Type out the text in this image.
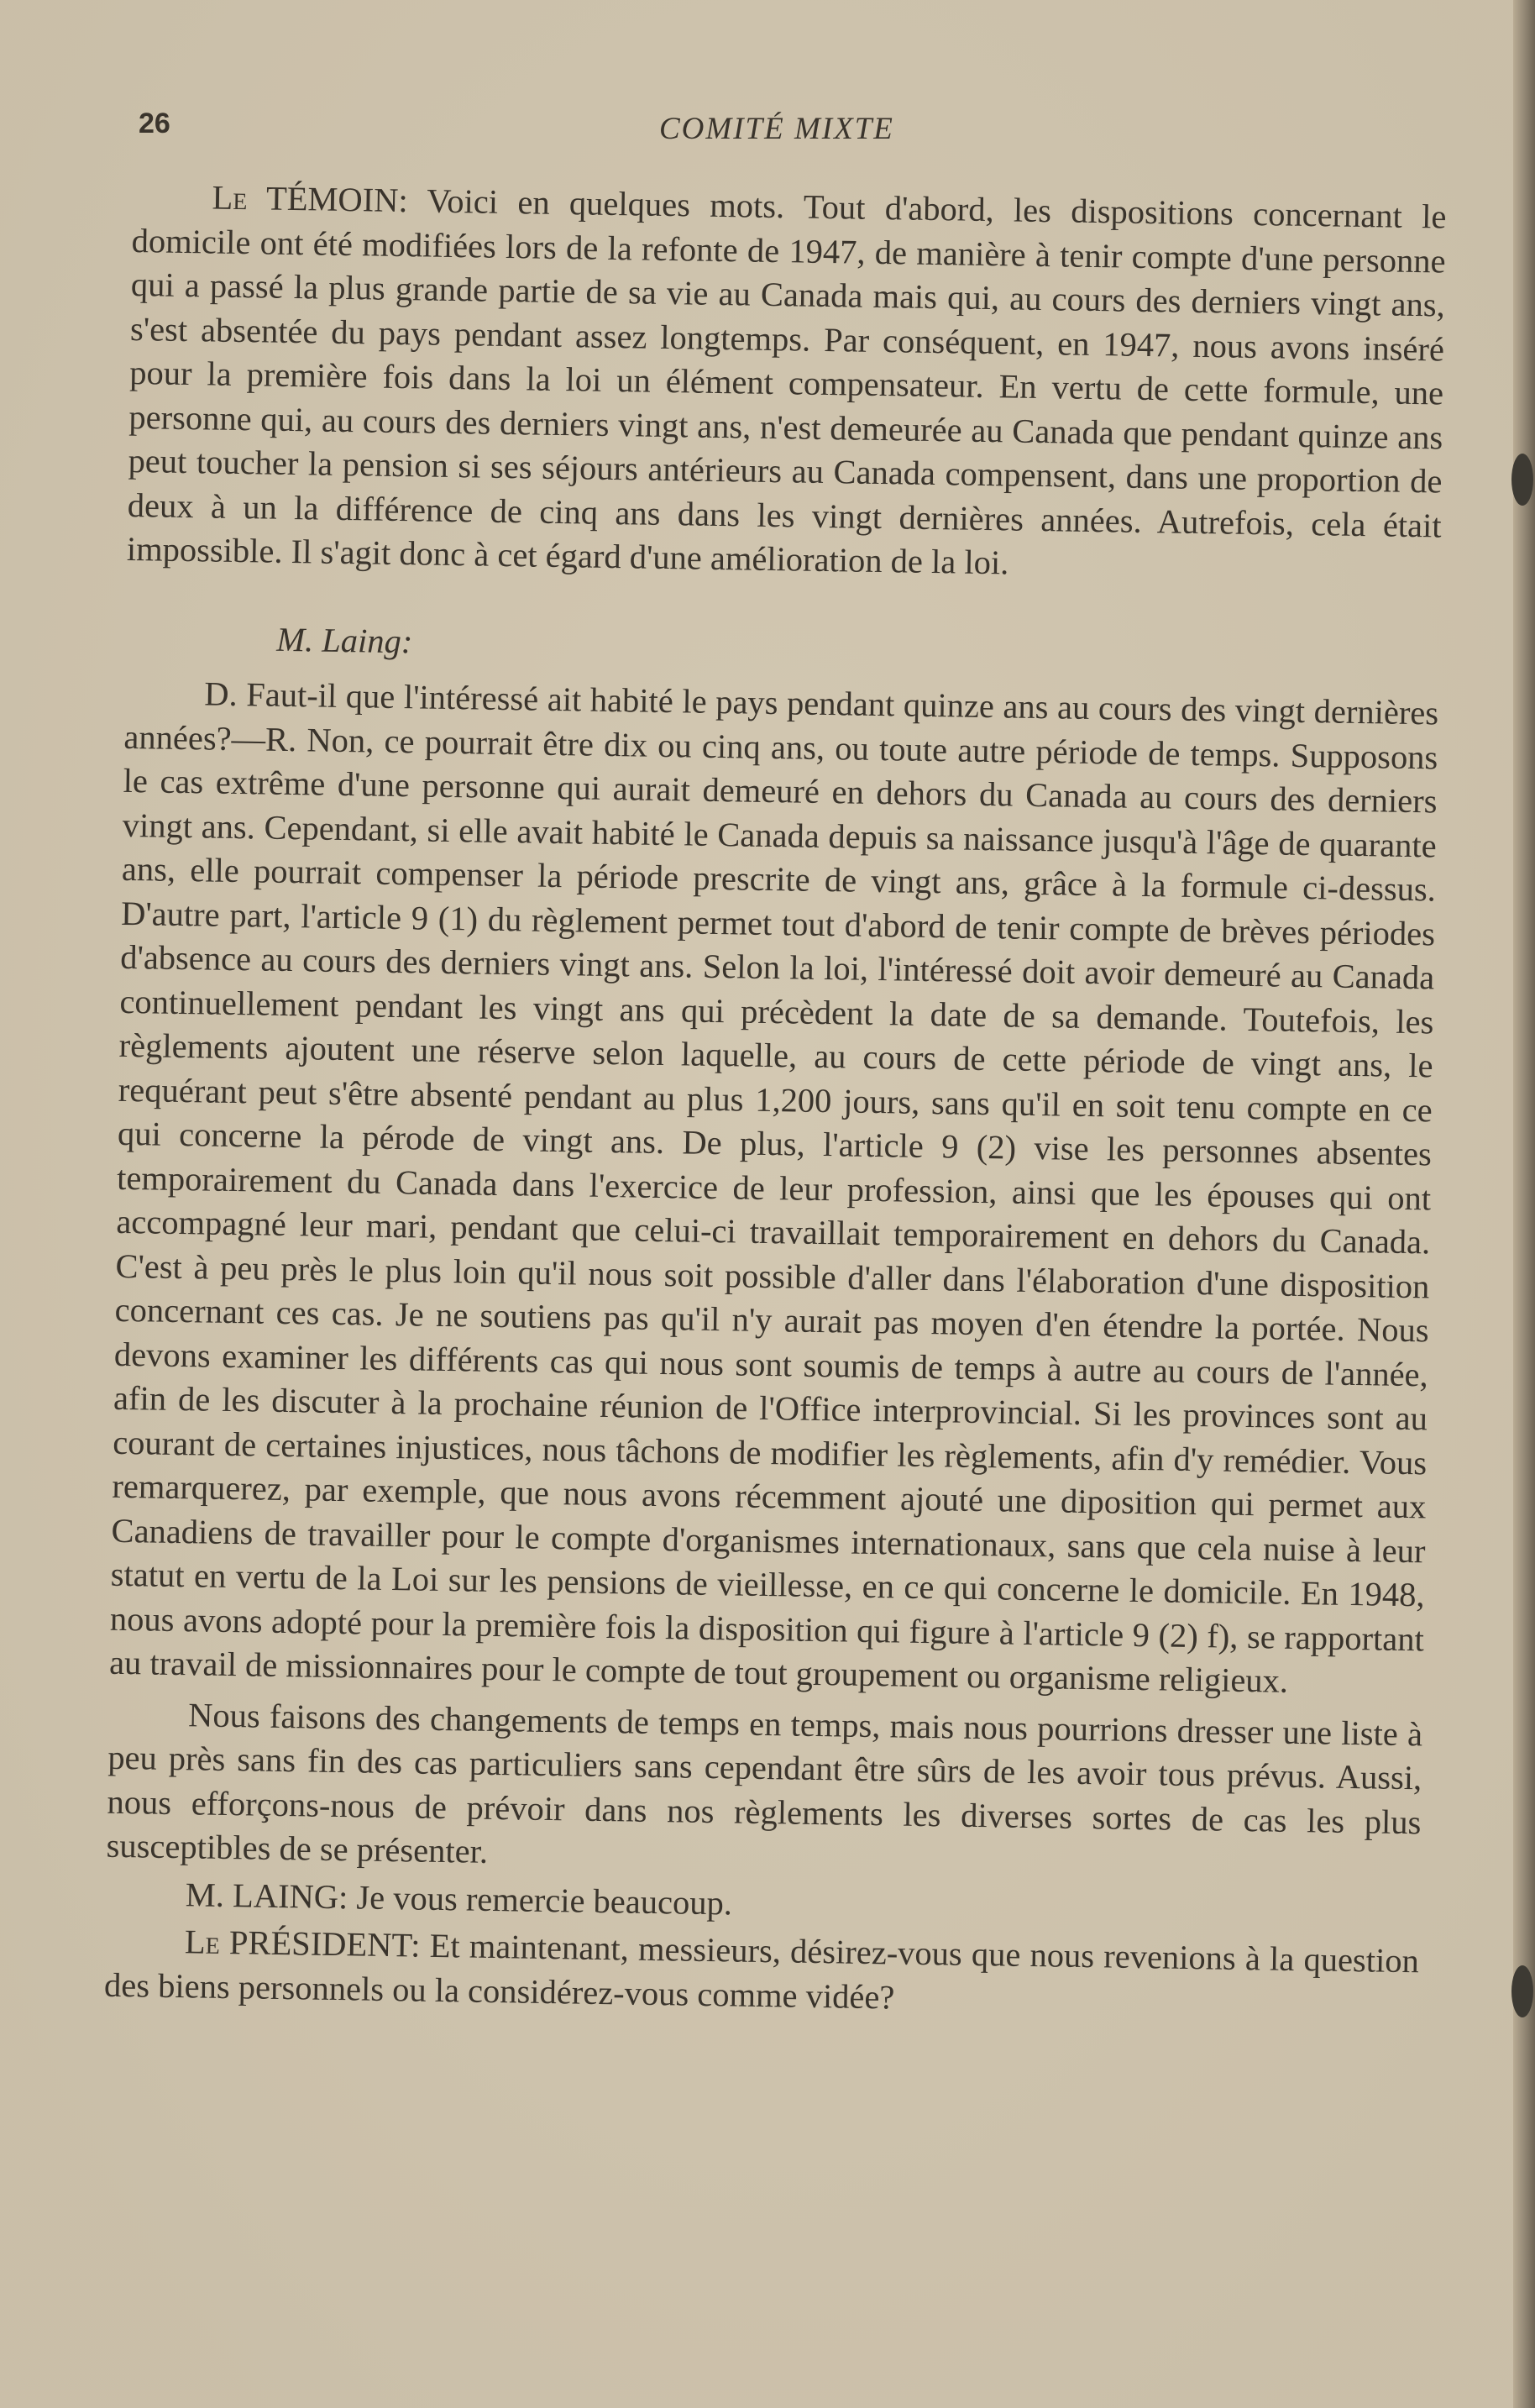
26	COMITÉ MIXTE

Le TÉMOIN: Voici en quelques mots. Tout d'abord, les dispositions concernant le domicile ont été modifiées lors de la refonte de 1947, de manière à tenir compte d'une personne qui a passé la plus grande partie de sa vie au Canada mais qui, au cours des derniers vingt ans, s'est absentée du pays pendant assez longtemps. Par conséquent, en 1947, nous avons inséré pour la première fois dans la loi un élément compensateur. En vertu de cette formule, une personne qui, au cours des derniers vingt ans, n'est demeurée au Canada que pendant quinze ans peut toucher la pension si ses séjours antérieurs au Canada compensent, dans une proportion de deux à un la différence de cinq ans dans les vingt dernières années. Autrefois, cela était impossible. Il s'agit donc à cet égard d'une amélioration de la loi.

M. Laing:

D. Faut-il que l'intéressé ait habité le pays pendant quinze ans au cours des vingt dernières années?—R. Non, ce pourrait être dix ou cinq ans, ou toute autre période de temps. Supposons le cas extrême d'une personne qui aurait demeuré en dehors du Canada au cours des derniers vingt ans. Cependant, si elle avait habité le Canada depuis sa naissance jusqu'à l'âge de quarante ans, elle pourrait compenser la période prescrite de vingt ans, grâce à la formule ci-dessus. D'autre part, l'article 9 (1) du règlement permet tout d'abord de tenir compte de brèves périodes d'absence au cours des derniers vingt ans. Selon la loi, l'intéressé doit avoir demeuré au Canada continuellement pendant les vingt ans qui précèdent la date de sa demande. Toutefois, les règlements ajoutent une réserve selon laquelle, au cours de cette période de vingt ans, le requérant peut s'être absenté pendant au plus 1,200 jours, sans qu'il en soit tenu compte en ce qui concerne la pérode de vingt ans. De plus, l'article 9 (2) vise les personnes absentes temporairement du Canada dans l'exercice de leur profession, ainsi que les épouses qui ont accompagné leur mari, pendant que celui-ci travaillait temporairement en dehors du Canada. C'est à peu près le plus loin qu'il nous soit possible d'aller dans l'élaboration d'une disposition concernant ces cas. Je ne soutiens pas qu'il n'y aurait pas moyen d'en étendre la portée. Nous devons examiner les différents cas qui nous sont soumis de temps à autre au cours de l'année, afin de les discuter à la prochaine réunion de l'Office interprovincial. Si les provinces sont au courant de certaines injustices, nous tâchons de modifier les règlements, afin d'y remédier. Vous remarquerez, par exemple, que nous avons récemment ajouté une diposition qui permet aux Canadiens de travailler pour le compte d'organismes internationaux, sans que cela nuise à leur statut en vertu de la Loi sur les pensions de vieillesse, en ce qui concerne le domicile. En 1948, nous avons adopté pour la première fois la disposition qui figure à l'article 9 (2) f), se rapportant au travail de missionnaires pour le compte de tout groupement ou organisme religieux.

Nous faisons des changements de temps en temps, mais nous pourrions dresser une liste à peu près sans fin des cas particuliers sans cependant être sûrs de les avoir tous prévus. Aussi, nous efforçons-nous de prévoir dans nos règlements les diverses sortes de cas les plus susceptibles de se présenter.

M. LAING: Je vous remercie beaucoup.

Le PRÉSIDENT: Et maintenant, messieurs, désirez-vous que nous revenions à la question des biens personnels ou la considérez-vous comme vidée?
